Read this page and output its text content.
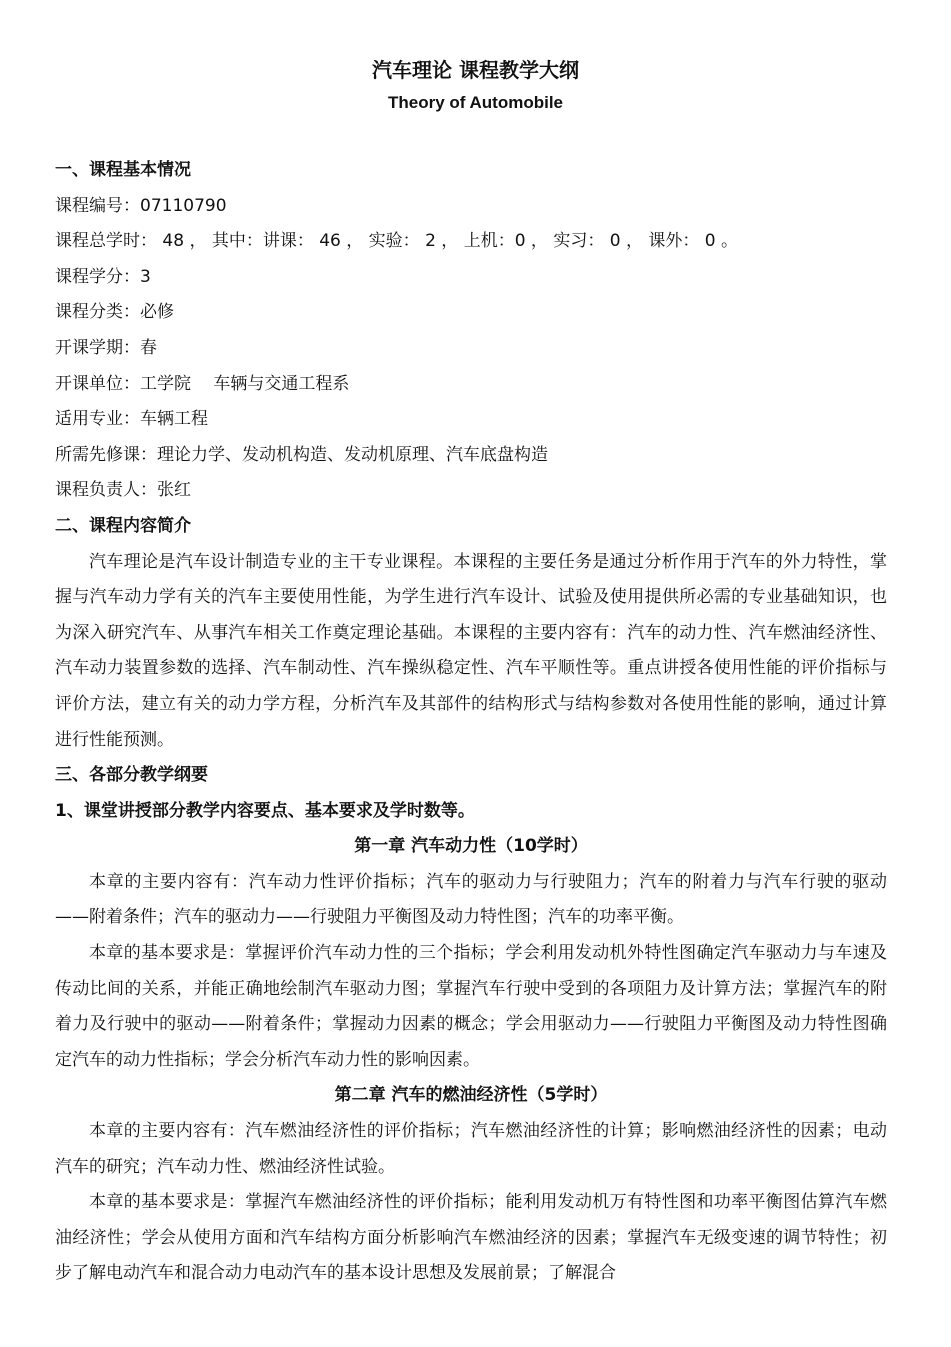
汽车理论 课程教学大纲
Theory of Automobile
一、课程基本情况
课程编号：07110790
课程总学时： 48 ， 其中：讲课： 46 ， 实验： 2 ， 上机：0 ， 实习： 0 ， 课外： 0 。
课程学分：3
课程分类：必修
开课学期：春
开课单位：工学院　 车辆与交通工程系
适用专业：车辆工程
所需先修课：理论力学、发动机构造、发动机原理、汽车底盘构造
课程负责人：张红
二、课程内容简介
汽车理论是汽车设计制造专业的主干专业课程。本课程的主要任务是通过分析作用于汽车的外力特性，掌握与汽车动力学有关的汽车主要使用性能，为学生进行汽车设计、试验及使用提供所必需的专业基础知识，也为深入研究汽车、从事汽车相关工作奠定理论基础。本课程的主要内容有：汽车的动力性、汽车燃油经济性、汽车动力装置参数的选择、汽车制动性、汽车操纵稳定性、汽车平顺性等。重点讲授各使用性能的评价指标与评价方法，建立有关的动力学方程，分析汽车及其部件的结构形式与结构参数对各使用性能的影响，通过计算进行性能预测。
三、各部分教学纲要
1、课堂讲授部分教学内容要点、基本要求及学时数等。
第一章 汽车动力性（10学时）
本章的主要内容有：汽车动力性评价指标；汽车的驱动力与行驶阻力；汽车的附着力与汽车行驶的驱动——附着条件；汽车的驱动力——行驶阻力平衡图及动力特性图；汽车的功率平衡。
本章的基本要求是：掌握评价汽车动力性的三个指标；学会利用发动机外特性图确定汽车驱动力与车速及传动比间的关系，并能正确地绘制汽车驱动力图；掌握汽车行驶中受到的各项阻力及计算方法；掌握汽车的附着力及行驶中的驱动——附着条件；掌握动力因素的概念；学会用驱动力——行驶阻力平衡图及动力特性图确定汽车的动力性指标；学会分析汽车动力性的影响因素。
第二章 汽车的燃油经济性（5学时）
本章的主要内容有：汽车燃油经济性的评价指标；汽车燃油经济性的计算；影响燃油经济性的因素；电动汽车的研究；汽车动力性、燃油经济性试验。
本章的基本要求是：掌握汽车燃油经济性的评价指标；能利用发动机万有特性图和功率平衡图估算汽车燃油经济性；学会从使用方面和汽车结构方面分析影响汽车燃油经济的因素；掌握汽车无级变速的调节特性；初步了解电动汽车和混合动力电动汽车的基本设计思想及发展前景；了解混合
